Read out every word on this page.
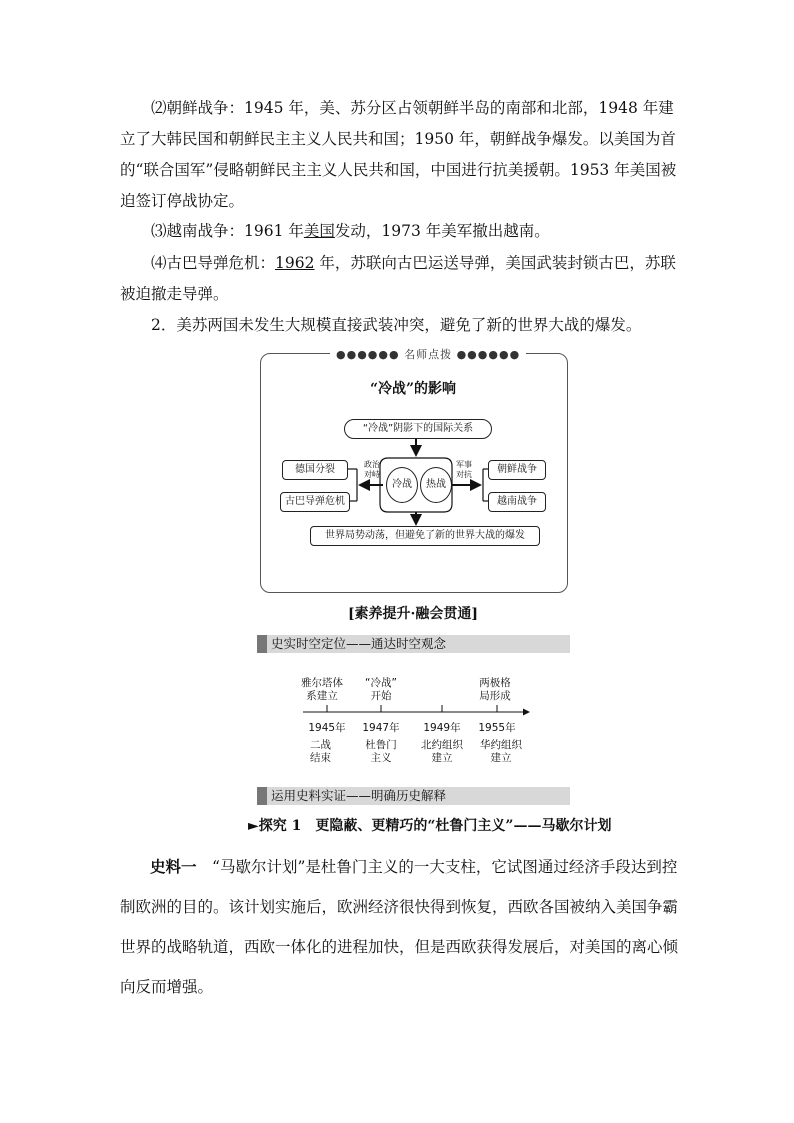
⑵朝鲜战争：1945 年，美、苏分区占领朝鲜半岛的南部和北部，1948 年建立了大韩民国和朝鲜民主主义人民共和国；1950 年，朝鲜战争爆发。以美国为首的“联合国军”侵略朝鲜民主主义人民共和国，中国进行抗美援朝。1953 年美国被迫签订停战协定。

⑶越南战争：1961 年美国发动，1973 年美军撤出越南。

⑷古巴导弹危机：1962 年，苏联向古巴运送导弹，美国武装封锁古巴，苏联被迫撤走导弹。

2．美苏两国未发生大规模直接武装冲突，避免了新的世界大战的爆发。

●●●●●● 名师点拨 ●●●●●●
“冷战”的影响
“冷战”阴影下的国际关系
冷战	热战
政治
对峙
军事
对抗
德国分裂
古巴导弹危机
朝鲜战争
越南战争
世界局势动荡，但避免了新的世界大战的爆发
[素养提升·融会贯通]
史实时空定位——通达时空观念
雅尔塔体
系建立
“冷战”
开始
两极格
局形成
1945年	1947年	1949年	1955年
二战
结束
杜鲁门
主义
北约组织
建立
华约组织
建立
运用史料实证——明确历史解释
►探究 1　更隐蔽、更精巧的“杜鲁门主义”——马歇尔计划

史料一　“马歇尔计划”是杜鲁门主义的一大支柱，它试图通过经济手段达到控制欧洲的目的。该计划实施后，欧洲经济很快得到恢复，西欧各国被纳入美国争霸世界的战略轨道，西欧一体化的进程加快，但是西欧获得发展后，对美国的离心倾向反而增强。
